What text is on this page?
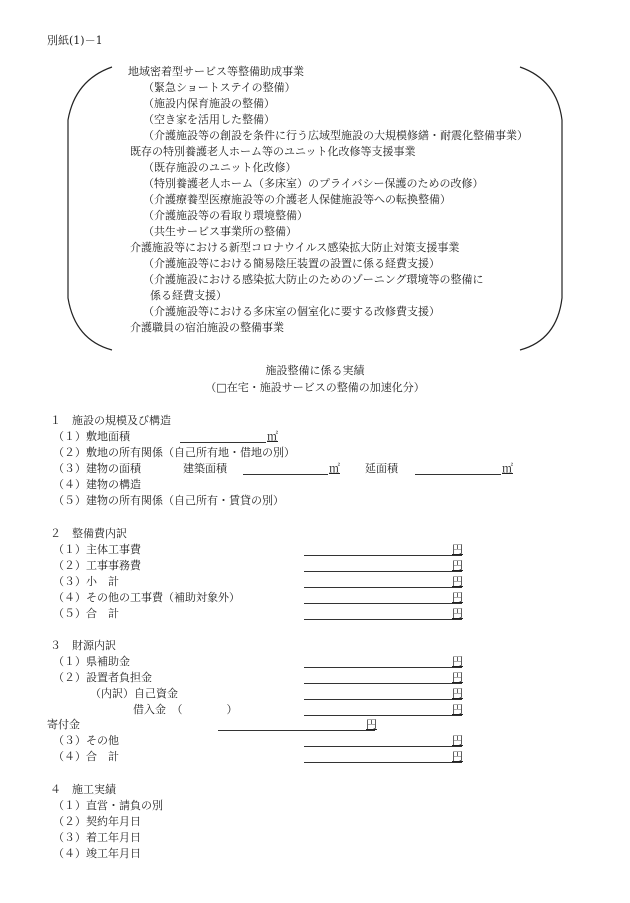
別紙(1)－1
地域密着型サービス等整備助成事業
（緊急ショートステイの整備）
（施設内保育施設の整備）
（空き家を活用した整備）
（介護施設等の創設を条件に行う広域型施設の大規模修繕・耐震化整備事業）
既存の特別養護老人ホーム等のユニット化改修等支援事業
（既存施設のユニット化改修）
（特別養護老人ホーム（多床室）のプライバシー保護のための改修）
（介護療養型医療施設等の介護老人保健施設等への転換整備）
（介護施設等の看取り環境整備）
（共生サービス事業所の整備）
介護施設等における新型コロナウイルス感染拡大防止対策支援事業
（介護施設等における簡易陰圧装置の設置に係る経費支援）
（介護施設における感染拡大防止のためのゾーニング環境等の整備に
係る経費支援）
（介護施設等における多床室の個室化に要する改修費支援）
介護職員の宿泊施設の整備事業
施設整備に係る実績
（□在宅・施設サービスの整備の加速化分）
１　施設の規模及び構造
（１）敷地面積	㎡
（２）敷地の所有関係（自己所有地・借地の別）
（３）建物の面積	建築面積	㎡ 延面積	㎡
（４）建物の構造
（５）建物の所有関係（自己所有・賃貸の別）
２　整備費内訳
（１）主体工事費	円
（２）工事事務費	円
（３）小　計	円
（４）その他の工事費（補助対象外）	円
（５）合　計	円
３　財源内訳
（１）県補助金	円
（２）設置者負担金	円
（内訳）自己資金	円
借入金　（　　　　）	円
寄付金	円
（３）その他	円
（４）合　計	円
４　施工実績
（１）直営・請負の別
（２）契約年月日
（３）着工年月日
（４）竣工年月日
